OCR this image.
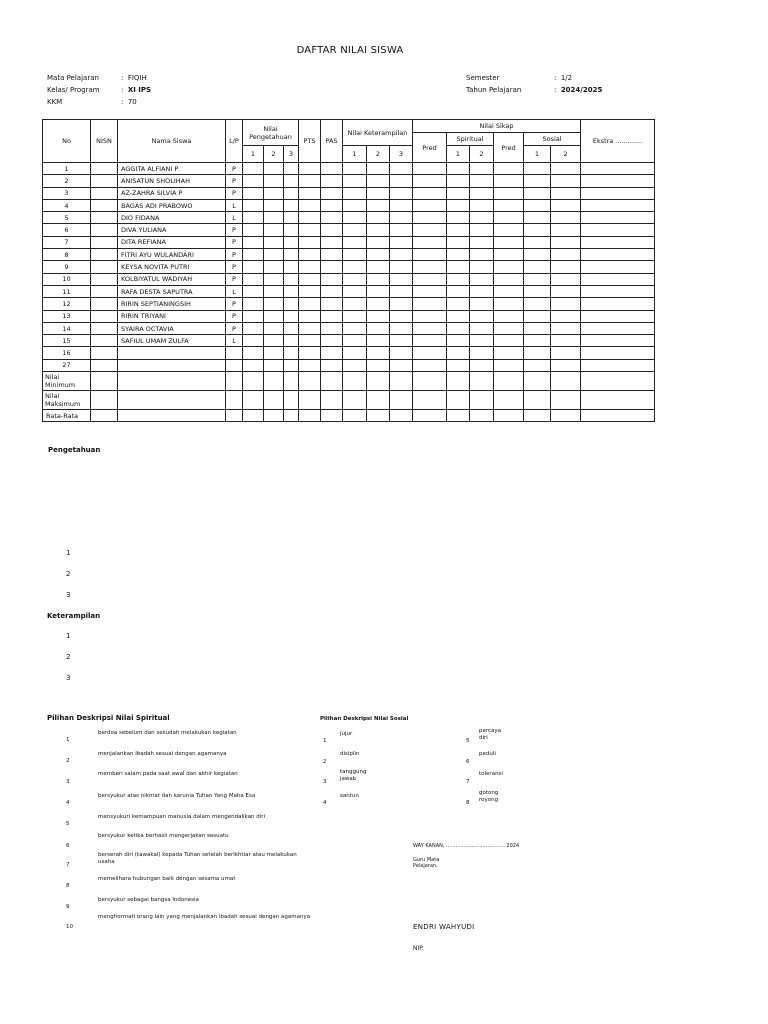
DAFTAR NILAI SISWA
Mata Pelajaran	: FIQIH
Kelas/ Program	: XI IPS
KKM	: 70
Semester	: 1/2
Tahun Pelajaran	: 2024/2025
No	NISN	Nama Siswa	L/P	Nilai Pengetahuan			PTS	PAS	Nilai Keterampilan			Nilai Sikap						Ekstra .............
												Pred	Spiritual		Pred	Sosial		
				1	2	3			1	2	3		1	2		1	2	
1		AGGITA ALFIANI P	P															
2		ANISATUN SHOLIHAH	P															
3		AZ-ZAHRA SILVIA P	P															
4		BAGAS ADI PRABOWO	L															
5		DIO FIDANA	L															
6		DIVA YULIANA	P															
7		DITA REFIANA	P															
8		FITRI AYU WULANDARI	P															
9		KEYSA NOVITA PUTRI	P															
10		KOLBIYATUL WADIYAH	P															
11		RAFA DESTA SAPUTRA	L															
12		RIRIN SEPTIANINGSIH	P															
13		RIRIN TRIYANI	P															
14		SYAIRA OCTAVIA	P															
15		SAFIUL UMAM ZULFA	L															
16																		
27																		
Nilai Minimum																		
Nilai Maksimum																		
Rata-Rata																		
Pengetahuan
1
2
3
Keterampilan
1
2
3
Pilihan Deskripsi Nilai Spiritual
1
berdoa sebelum dan sesudah melakukan kegiatan
2
menjalankan ibadah sesuai dengan agamanya
3
memberi salam pada saat awal dan akhir kegiatan
4
bersyukur atas nikmat dan karunia Tuhan Yang Maha Esa
5
mensyukuri kemampuan manusia dalam mengendalikan diri
6
bersyukur ketika berhasil mengerjakan sesuatu
7
berserah diri (tawakal) kepada Tuhan setelah berikhtiar atau melakukan usaha
8
memelihara hubungan baik dengan sesama umat
9
bersyukur sebagai bangsa Indonesia
10
menghormati orang lain yang menjalankan ibadah sesuai dengan agamanya
Pilihan Deskripsi Nilai Sosial
1
jujur
2
disiplin
3
tanggung jawab
4
santun
5
percaya diri
6
peduli
7
toleransi
8
gotong royong
WAY KANAN, ..................................... 2024
Guru Mata
Pelajaran,
ENDRI WAHYUDI
NIP.
